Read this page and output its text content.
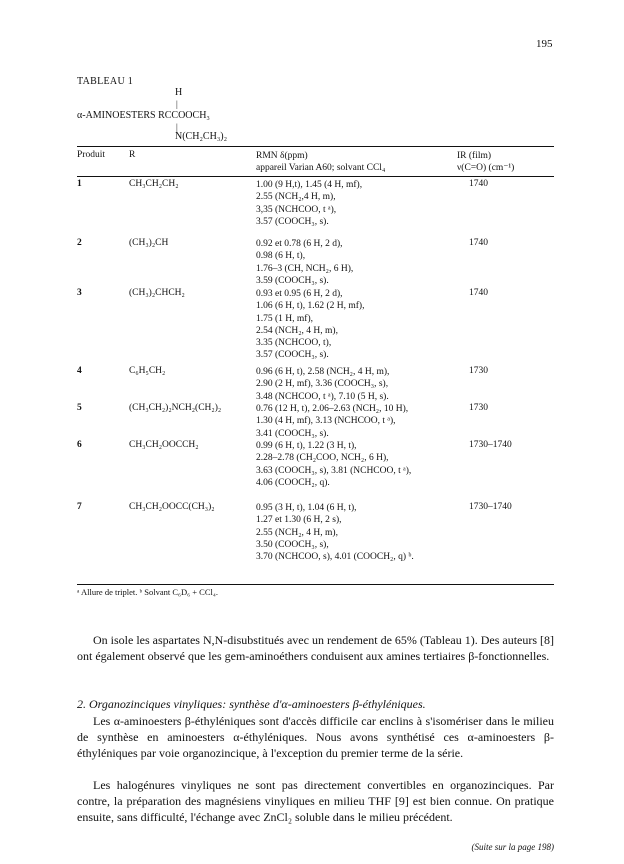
195
TABLEAU 1
H
|
α-AMINOESTERS RCCOOCH₃
|
N(CH₂CH₃)₂
Produit	R	RMN δ(ppm)
appareil Varian A60; solvant CCl₄
IR (film)
ν(C=O) (cm⁻¹)
1	CH₃CH₂CH₂	1.00 (9 H,t), 1.45 (4 H, mf),
2.55 (NCH₂,4 H, m),
3,35 (NCHCOO, t ᵃ),
3.57 (COOCH₃, s).
1740
2	(CH₃)₂CH	0.92 et 0.78 (6 H, 2 d),
0.98 (6 H, t),
1.76–3 (CH, NCH₂, 6 H),
3.59 (COOCH₃, s).
1740
3	(CH₃)₂CHCH₂	0.93 et 0.95 (6 H, 2 d),
1.06 (6 H, t), 1.62 (2 H, mf),
1.75 (1 H, mf),
2.54 (NCH₂, 4 H, m),
3.35 (NCHCOO, t),
3.57 (COOCH₃, s).
1740
4	C₆H₅CH₂	0.96 (6 H, t), 2.58 (NCH₂, 4 H, m),
2.90 (2 H, mf), 3.36 (COOCH₃, s),
3.48 (NCHCOO, t ᵃ), 7.10 (5 H, s).
1730
5	(CH₃CH₂)₂NCH₂(CH₂)₂	0.76 (12 H, t), 2.06–2.63 (NCH₂, 10 H),
1.30 (4 H, mf), 3.13 (NCHCOO, t ᵃ),
3.41 (COOCH₃, s).
1730
6	CH₃CH₂OOCCH₂	0.99 (6 H, t), 1.22 (3 H, t),
2.28–2.78 (CH₂COO, NCH₂, 6 H),
3.63 (COOCH₃, s), 3.81 (NCHCOO, t ᵃ),
4.06 (COOCH₂, q).
1730–1740
7	CH₃CH₂OOCC(CH₃)₂	0.95 (3 H, t), 1.04 (6 H, t),
1.27 et 1.30 (6 H, 2 s),
2.55 (NCH₂, 4 H, m),
3.50 (COOCH₃, s),
3.70 (NCHCOO, s), 4.01 (COOCH₂, q) ᵇ.
1730–1740
ᵃ Allure de triplet. ᵇ Solvant C₆D₆ + CCl₄.
On isole les aspartates N,N-disubstitués avec un rendement de 65% (Tableau 1). Des auteurs [8] ont également observé que les gem-aminoéthers conduisent aux amines tertiaires β-fonctionnelles.
2. Organozinciques vinyliques: synthèse d'α-aminoesters β-éthyléniques.
Les α-aminoesters β-éthyléniques sont d'accès difficile car enclins à s'isomériser dans le milieu de synthèse en aminoesters α-éthyléniques. Nous avons synthétisé ces α-aminoesters β-éthyléniques par voie organozincique, à l'exception du premier terme de la série.
Les halogénures vinyliques ne sont pas directement convertibles en organozinciques. Par contre, la préparation des magnésiens vinyliques en milieu THF [9] est bien connue. On pratique ensuite, sans difficulté, l'échange avec ZnCl₂ soluble dans le milieu précédent.
(Suite sur la page 198)
